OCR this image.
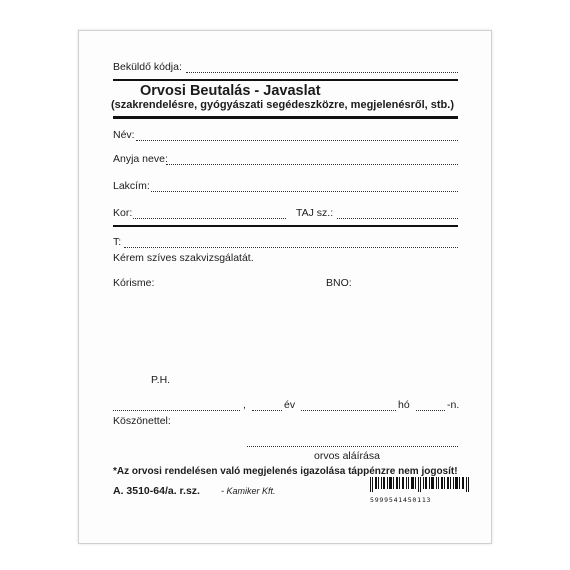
Beküldő kódja:
Orvosi Beutalás - Javaslat
(szakrendelésre, gyógyászati segédeszközre, megjelenésről, stb.)
Név:
Anyja neve:
Lakcím:
Kor:	TAJ sz.:
T:
Kérem szíves szakvizsgálatát.
Kórisme:	BNO:
P.H.
,	év	hó	-n.
Köszönettel:
orvos aláírása
*Az orvosi rendelésen való megjelenés igazolása táppénzre nem jogosít!
A. 3510-64/a. r.sz. - Kamiker Kft.
5999541450113
